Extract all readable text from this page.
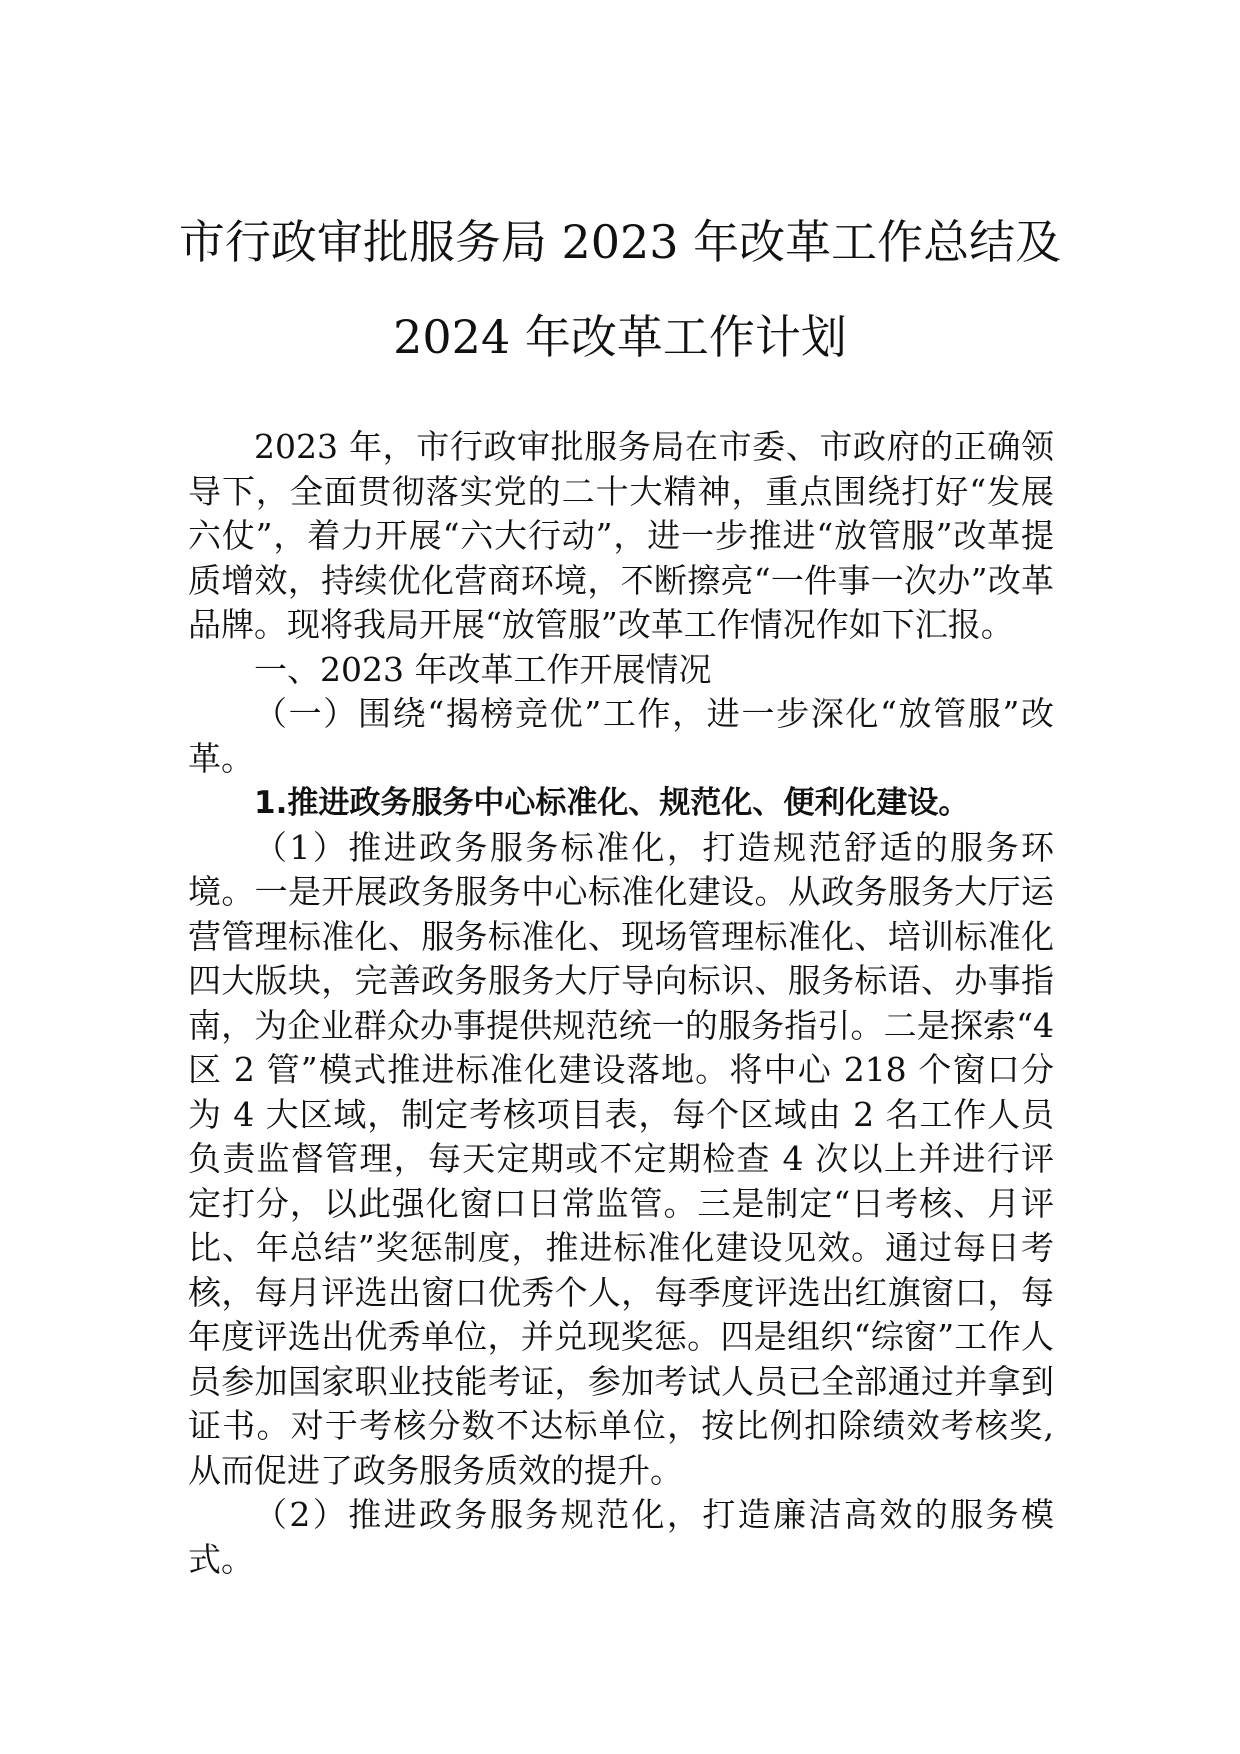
市行政审批服务局 2023 年改革工作总结及
2024 年改革工作计划

2023 年，市行政审批服务局在市委、市政府的正确领导下，全面贯彻落实党的二十大精神，重点围绕打好“发展六仗”，着力开展“六大行动”，进一步推进“放管服”改革提质增效，持续优化营商环境，不断擦亮“一件事一次办”改革品牌。现将我局开展“放管服”改革工作情况作如下汇报。

一、2023 年改革工作开展情况

（一）围绕“揭榜竞优”工作，进一步深化“放管服”改革。

1.推进政务服务中心标准化、规范化、便利化建设。

（1）推进政务服务标准化，打造规范舒适的服务环境。一是开展政务服务中心标准化建设。从政务服务大厅运营管理标准化、服务标准化、现场管理标准化、培训标准化四大版块，完善政务服务大厅导向标识、服务标语、办事指南，为企业群众办事提供规范统一的服务指引。二是探索“4 区 2 管”模式推进标准化建设落地。将中心 218 个窗口分为 4 大区域，制定考核项目表，每个区域由 2 名工作人员负责监督管理，每天定期或不定期检查 4 次以上并进行评定打分，以此强化窗口日常监管。三是制定“日考核、月评比、年总结”奖惩制度，推进标准化建设见效。通过每日考核，每月评选出窗口优秀个人，每季度评选出红旗窗口，每年度评选出优秀单位，并兑现奖惩。四是组织“综窗”工作人员参加国家职业技能考证，参加考试人员已全部通过并拿到证书。对于考核分数不达标单位，按比例扣除绩效考核奖,从而促进了政务服务质效的提升。

（2）推进政务服务规范化，打造廉洁高效的服务模式。
